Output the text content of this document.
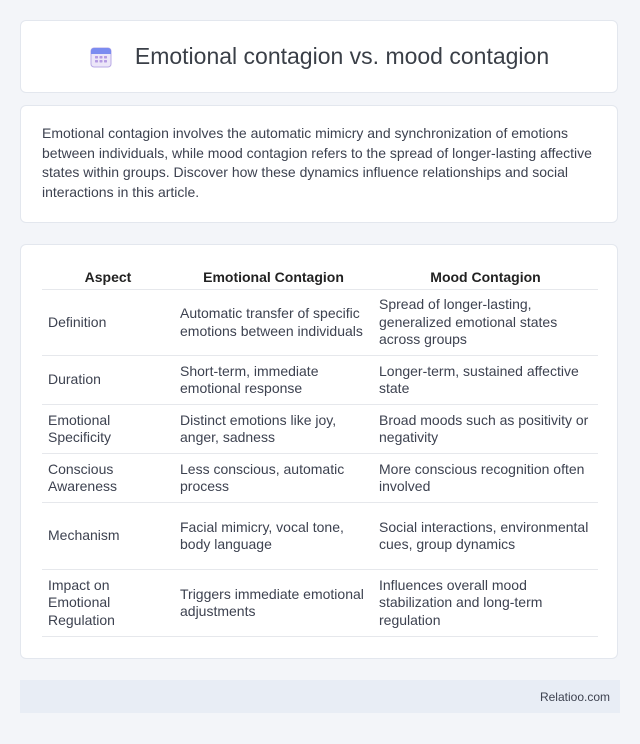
Emotional contagion vs. mood contagion

Emotional contagion involves the automatic mimicry and synchronization of emotions between individuals, while mood contagion refers to the spread of longer-lasting affective states within groups. Discover how these dynamics influence relationships and social interactions in this article.

Aspect	Emotional Contagion	Mood Contagion
Definition	Automatic transfer of specific emotions between individuals	Spread of longer-lasting, generalized emotional states across groups
Duration	Short-term, immediate emotional response	Longer-term, sustained affective state
Emotional Specificity	Distinct emotions like joy, anger, sadness	Broad moods such as positivity or negativity
Conscious Awareness	Less conscious, automatic process	More conscious recognition often involved
Mechanism	Facial mimicry, vocal tone, body language	Social interactions, environmental cues, group dynamics
Impact on Emotional Regulation	Triggers immediate emotional adjustments	Influences overall mood stabilization and long-term regulation
Relatioo.com
